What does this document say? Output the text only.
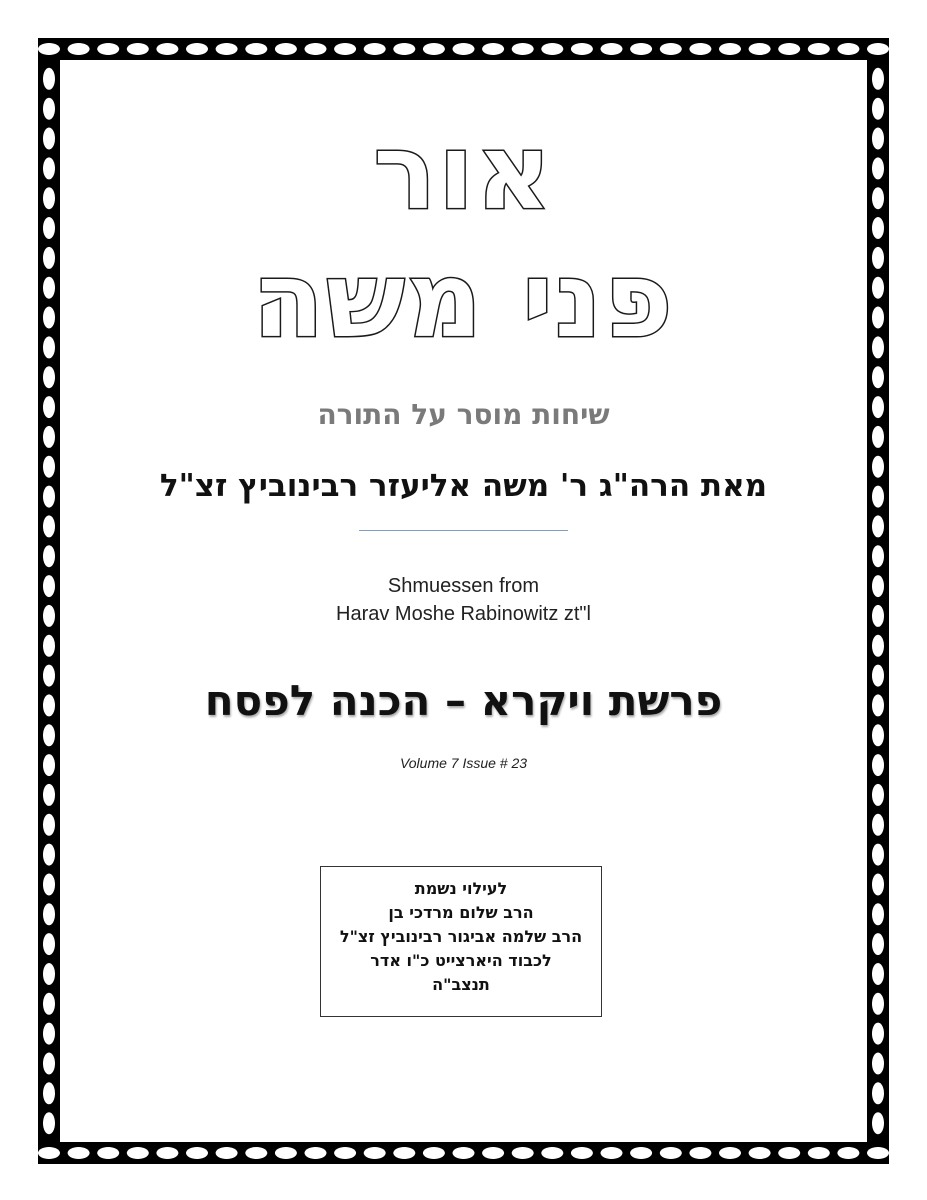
אור
פני משה
שיחות מוסר על התורה
מאת הרה"ג ר' משה אליעזר רבינוביץ זצ"ל
Shmuessen from
Harav Moshe Rabinowitz zt"l
פרשת ויקרא – הכנה לפסח
Volume 7 Issue # 23
לעילוי נשמת
הרב שלום מרדכי בן
הרב שלמה אביגור רבינוביץ זצ"ל
לכבוד היארצייט כ"ו אדר
תנצב"ה
